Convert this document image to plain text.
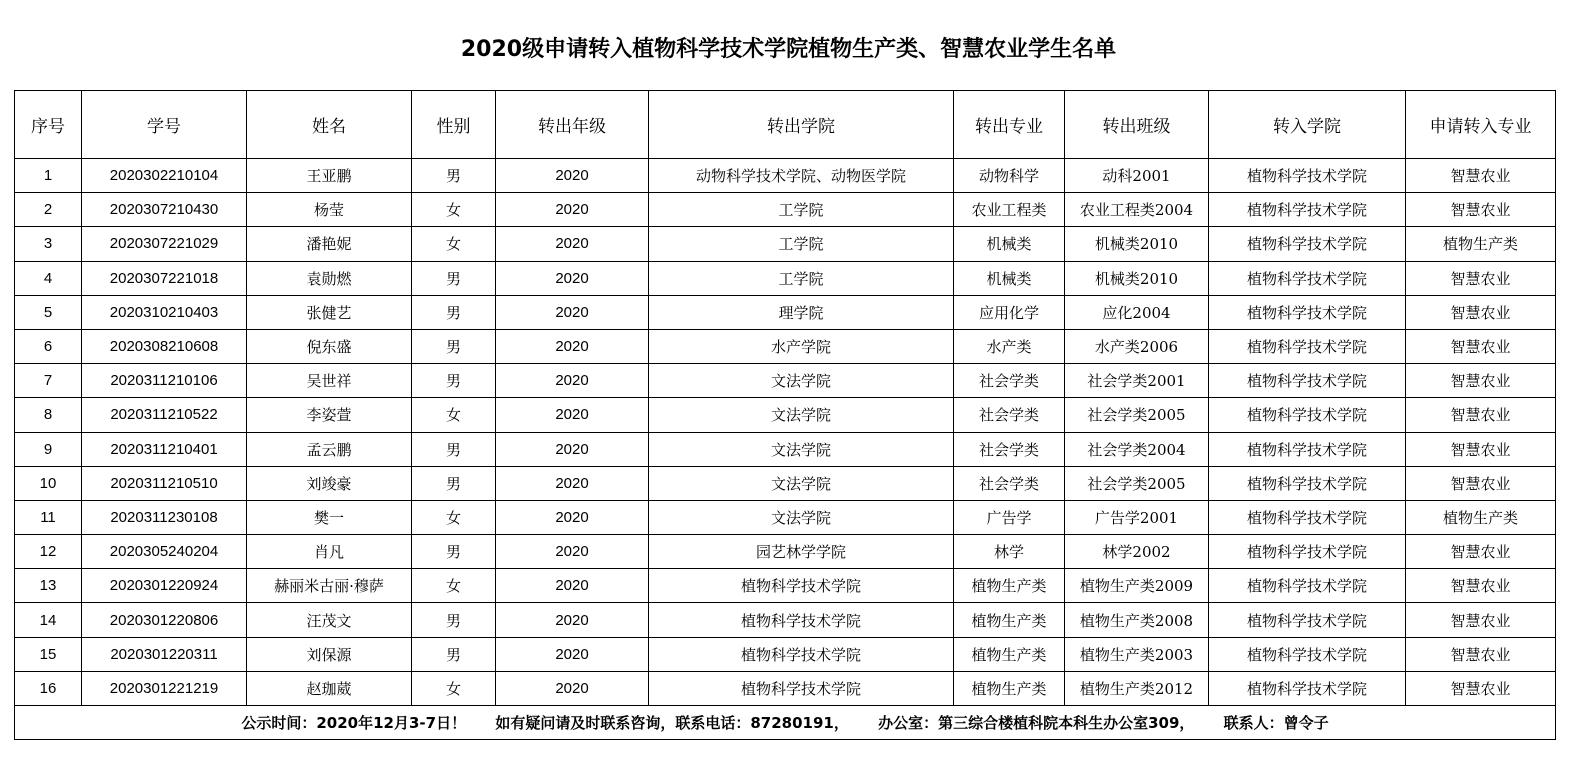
2020级申请转入植物科学技术学院植物生产类、智慧农业学生名单
序号	学号	姓名	性别	转出年级	转出学院	转出专业	转出班级	转入学院	申请转入专业
1	2020302210104	王亚鹏	男	2020	动物科学技术学院、动物医学院	动物科学	动科2001	植物科学技术学院	智慧农业
2	2020307210430	杨莹	女	2020	工学院	农业工程类	农业工程类2004	植物科学技术学院	智慧农业
3	2020307221029	潘艳妮	女	2020	工学院	机械类	机械类2010	植物科学技术学院	植物生产类
4	2020307221018	袁勋燃	男	2020	工学院	机械类	机械类2010	植物科学技术学院	智慧农业
5	2020310210403	张健艺	男	2020	理学院	应用化学	应化2004	植物科学技术学院	智慧农业
6	2020308210608	倪东盛	男	2020	水产学院	水产类	水产类2006	植物科学技术学院	智慧农业
7	2020311210106	吴世祥	男	2020	文法学院	社会学类	社会学类2001	植物科学技术学院	智慧农业
8	2020311210522	李姿萱	女	2020	文法学院	社会学类	社会学类2005	植物科学技术学院	智慧农业
9	2020311210401	孟云鹏	男	2020	文法学院	社会学类	社会学类2004	植物科学技术学院	智慧农业
10	2020311210510	刘竣豪	男	2020	文法学院	社会学类	社会学类2005	植物科学技术学院	智慧农业
11	2020311230108	樊一	女	2020	文法学院	广告学	广告学2001	植物科学技术学院	植物生产类
12	2020305240204	肖凡	男	2020	园艺林学学院	林学	林学2002	植物科学技术学院	智慧农业
13	2020301220924	赫丽米古丽·穆萨	女	2020	植物科学技术学院	植物生产类	植物生产类2009	植物科学技术学院	智慧农业
14	2020301220806	汪茂文	男	2020	植物科学技术学院	植物生产类	植物生产类2008	植物科学技术学院	智慧农业
15	2020301220311	刘保源	男	2020	植物科学技术学院	植物生产类	植物生产类2003	植物科学技术学院	智慧农业
16	2020301221219	赵珈葳	女	2020	植物科学技术学院	植物生产类	植物生产类2012	植物科学技术学院	智慧农业
公示时间：2020年12月3-7日！ 如有疑问请及时联系咨询，联系电话：87280191， 办公室：第三综合楼植科院本科生办公室309， 联系人：曾令子									
